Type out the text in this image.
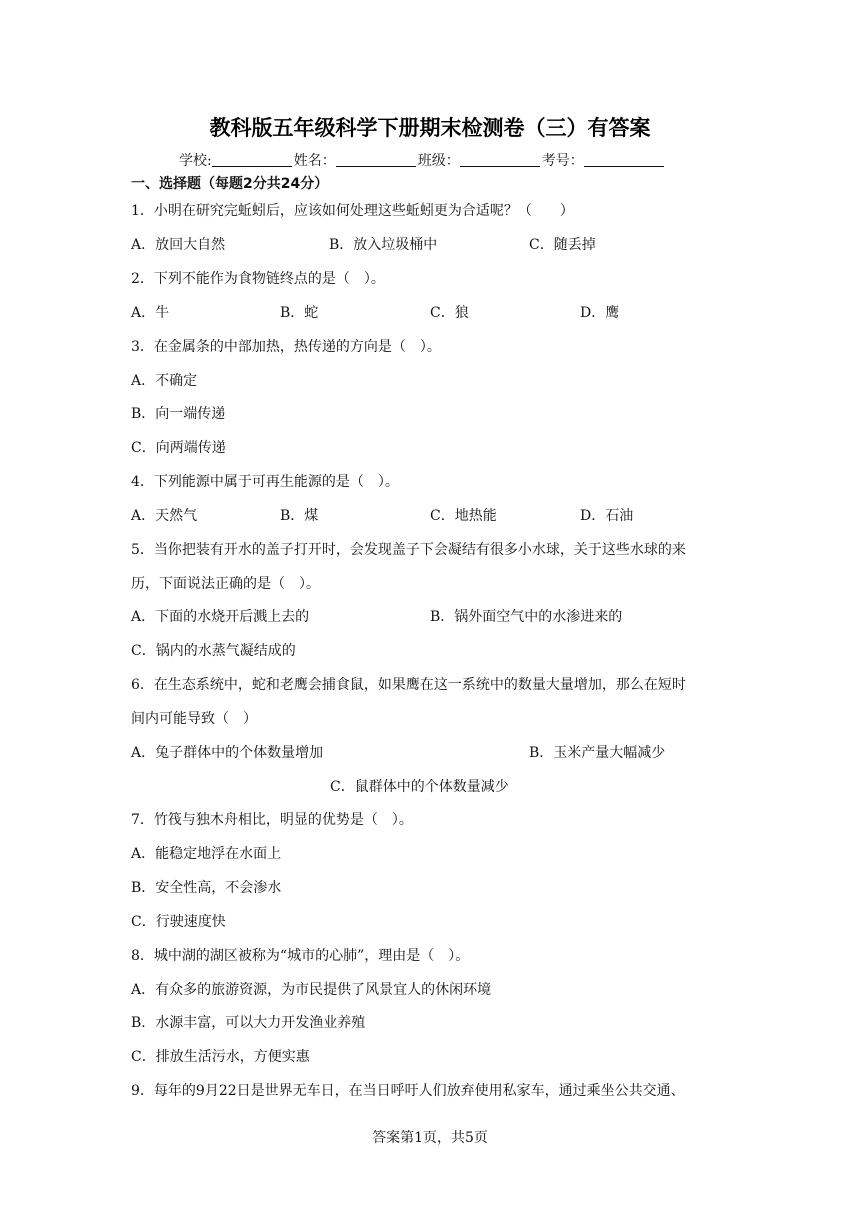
教科版五年级科学下册期末检测卷（三）有答案
学校:	姓名：	班级：	考号：
一、选择题（每题2分共24分）
1．小明在研究完蚯蚓后，应该如何处理这些蚯蚓更为合适呢？（　　）
A．放回大自然	B．放入垃圾桶中	C．随丢掉
2．下列不能作为食物链终点的是（　）。
A．牛	B．蛇	C．狼	D．鹰
3．在金属条的中部加热，热传递的方向是（　）。
A．不确定
B．向一端传递
C．向两端传递
4．下列能源中属于可再生能源的是（　）。
A．天然气	B．煤	C．地热能	D．石油
5．当你把装有开水的盖子打开时，会发现盖子下会凝结有很多小水球，关于这些水球的来
历，下面说法正确的是（　）。
A．下面的水烧开后溅上去的	B．锅外面空气中的水渗进来的
C．锅内的水蒸气凝结成的
6．在生态系统中，蛇和老鹰会捕食鼠，如果鹰在这一系统中的数量大量增加，那么在短时
间内可能导致（　）
A．兔子群体中的个体数量增加	B．玉米产量大幅减少
C．鼠群体中的个体数量减少
7．竹筏与独木舟相比，明显的优势是（　）。
A．能稳定地浮在水面上
B．安全性高，不会渗水
C．行驶速度快
8．城中湖的湖区被称为“城市的心肺”，理由是（　）。
A．有众多的旅游资源，为市民提供了风景宜人的休闲环境
B．水源丰富，可以大力开发渔业养殖
C．排放生活污水，方便实惠
9．每年的9月22日是世界无车日，在当日呼吁人们放弃使用私家车，通过乘坐公共交通、
答案第1页，共5页
